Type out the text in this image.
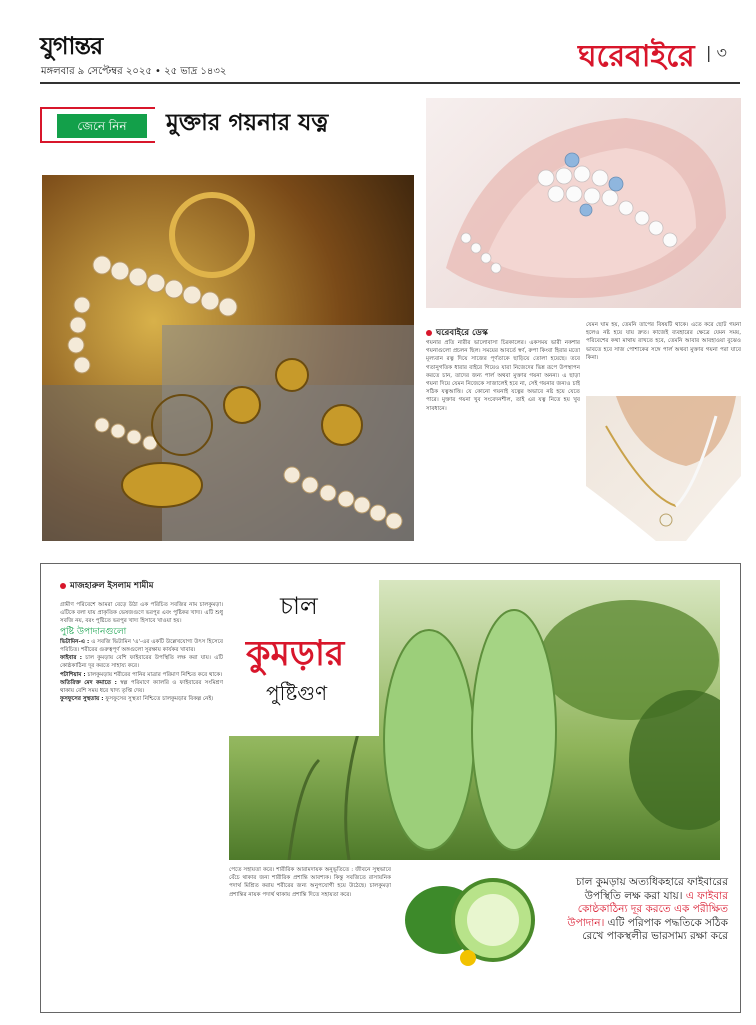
যুগান্তর
মঙ্গলবার ৯ সেপ্টেম্বর ২০২৫ • ২৫ ভাদ্র ১৪৩২	ঘরেবাইরে | ৩
জেনে নিন	মুক্তার গয়নার যত্ন
ঘরেবাইরে ডেস্ক
গয়নার প্রতি নারীর ভালোবাসা চিরকালের। একসময় ভারী নকশার গয়নাগুলো প্রচলন ছিল। সময়ের আবর্তে স্বর্ণ, রুপা কিংবা হিরার মতো মূল্যবান রত্ন দিয়ে সাজের পূর্ণতাকে ছাড়িয়ে তোলা হয়েছে। তবে গতানুগতিক ধারার বাইরে গিয়েও যারা নিজেদের ভিন্ন রূপে উপস্থাপন করতে চান, তাদের জন্য পার্ল অথবা মুক্তার গয়না অনন্য। এ ছাড়া গয়না দিয়ে যেমন নিজেকে সাজালেই হবে না, সেই গয়নার জন্যও চাই সঠিক যত্নআত্তি। যে কোনো গয়নাই যত্নের অভাবে নষ্ট হয়ে যেতে পারে। মুক্তার গয়না খুব সংবেদনশীল, তাই এর যত্ন নিতে হয় খুব সাবধানে।
যেমন ঘাম হয়, তেমনি তাপের বিষয়টি থাকে। এতে করে ছোট গয়না হলেও নষ্ট হয়ে যায় দ্রুত। কাজেই ব্যবহারের ক্ষেত্রে যেমন সময়, পরিবেশের কথা মাথায় রাখতে হবে, তেমনি আবার আবহাওয়া বুঝেও ভাবতে হবে সাজ পোশাকের সঙ্গে পার্ল অথবা মুক্তার গয়না পরা যাবে কিনা।
মাজহারুল ইসলাম শামীম

গ্রামীণ পরিবেশে আমরা বেড়ে উঠা এক পরিচিত সবজির নাম চালকুমড়া। এটিকে বলা যায় প্রাকৃতিক ভেষজগুণে ভরপুর এবং পুষ্টিকর খাদ্য। এটি শুধু সবজি নয়, বরং পুষ্টিতে ভরপুর খাদ্য হিসাবে খাওয়া হয়।

পুষ্টি উপাদানগুলো

ভিটামিন-এ : এ সবজি ভিটামিন 'এ'-এর একটি উল্লেখযোগ্য উৎস হিসেবে পরিচিত। শরীরের গুরুত্বপূর্ণ অঙ্গগুলো সুরক্ষায় কার্যকর খাবার।

ফাইবার : চাল কুমড়ায় বেশি ফাইবারের উপস্থিতি লক্ষ করা যায়। এটি কোষ্ঠকাঠিন্য দূর করতে সাহায্য করে।

পটাশিয়াম : চালকুমড়ায় শরীরের পানির মাত্রার পরিমাণ নিশ্চিত করে থাকে।

অতিরিক্ত মেদ কমাতে : স্বল্প পরিমাণে ক্যালরি ও ফাইবারের সংমিশ্রণ থাকায় বেশি সময় ধরে খাদ্য তৃপ্তি দেয়।

ফুসফুসের সুস্থতায় : ফুসফুসের সুস্থতা নিশ্চিতে চালকুমড়ার বিকল্প নেই।

চাল
কুমড়ার
পুষ্টিগুণ
পেতে সহায়তা করে। শারীরিক আরামদায়ক অনুভূতিতে : জীবনে সুস্থভাবে বেঁচে থাকার জন্য শারীরিক প্রশান্তি আবশ্যক। কিন্তু সবজিতে রাসায়নিক পদার্থ মিশ্রিত করায় শরীরের জন্য অনুপযোগী হয়ে উঠেছে। চালকুমড়া প্রশান্তির নায়ক পদার্থ থাকায় প্রশান্তি দিতে সহায়তা করে।
চাল কুমড়ায় অত্যধিকহারে ফাইবারের উপস্থিতি লক্ষ করা যায়। এ ফাইবার কোষ্ঠকাঠিন্য দূর করতে এক পরীক্ষিত উপাদান। এটি পরিপাক পদ্ধতিকে সঠিক রেখে পাকস্থলীর ভারসাম্য রক্ষা করে
